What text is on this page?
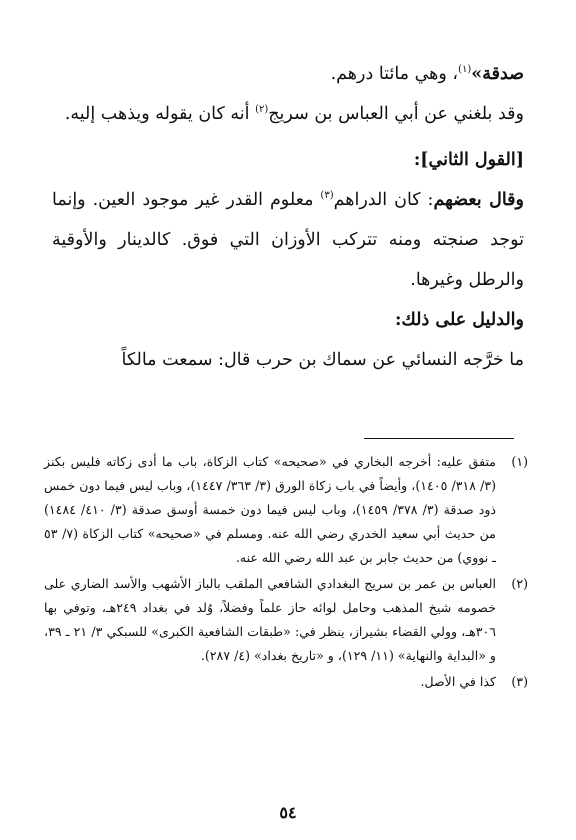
صدقة»$^{(١)}$، وهي مائتا درهم.

وقد بلغني عن أبي العباس بن سريج$^{(٢)}$ أنه كان يقوله ويذهب إليه.

[القول الثاني]:

وقال بعضهم: كان الدراهم$^{(٣)}$ معلوم القدر غير موجود العين. وإنما توجد صنجته ومنه تتركب الأوزان التي فوق. كالدينار والأوقية والرطل وغيرها.

والدليل على ذلك:

ما خرَّجه النسائي عن سماك بن حرب قال: سمعت مالكاً

(١)
متفق عليه: أخرجه البخاري في «صحيحه» كتاب الزكاة، باب ما أدى زكاته فليس بكنز (٣/ ٣١٨/ ١٤٠٥)، وأيضاً في باب زكاة الورق (٣/ ٣٦٣/ ١٤٤٧)، وباب ليس فيما دون خمس ذود صدقة (٣/ ٣٧٨/ ١٤٥٩)، وباب ليس فيما دون خمسة أوسق صدقة (٣/ ٤١٠/ ١٤٨٤) من حديث أبي سعيد الخدري رضي الله عنه. ومسلم في «صحيحه» كتاب الزكاة (٧/ ٥٣ ـ نووي) من حديث جابر بن عبد الله رضي الله عنه.
(٢)
العباس بن عمر بن سريج البغدادي الشافعي الملقب بالباز الأشهب والأسد الضاري على خصومه شيخ المذهب وحامل لوائه حاز علماً وفضلاً، وُلد في بغداد ٢٤٩هـ، وتوفي بها ٣٠٦هـ، وولي القضاء بشيراز، ينظر في: «طبقات الشافعية الكبرى» للسبكي ٣/ ٢١ ـ ٣٩، و «البداية والنهاية» (١١/ ١٢٩)، و «تاريخ بغداد» (٤/ ٢٨٧).
(٣)
كذا في الأصل.
٥٤
